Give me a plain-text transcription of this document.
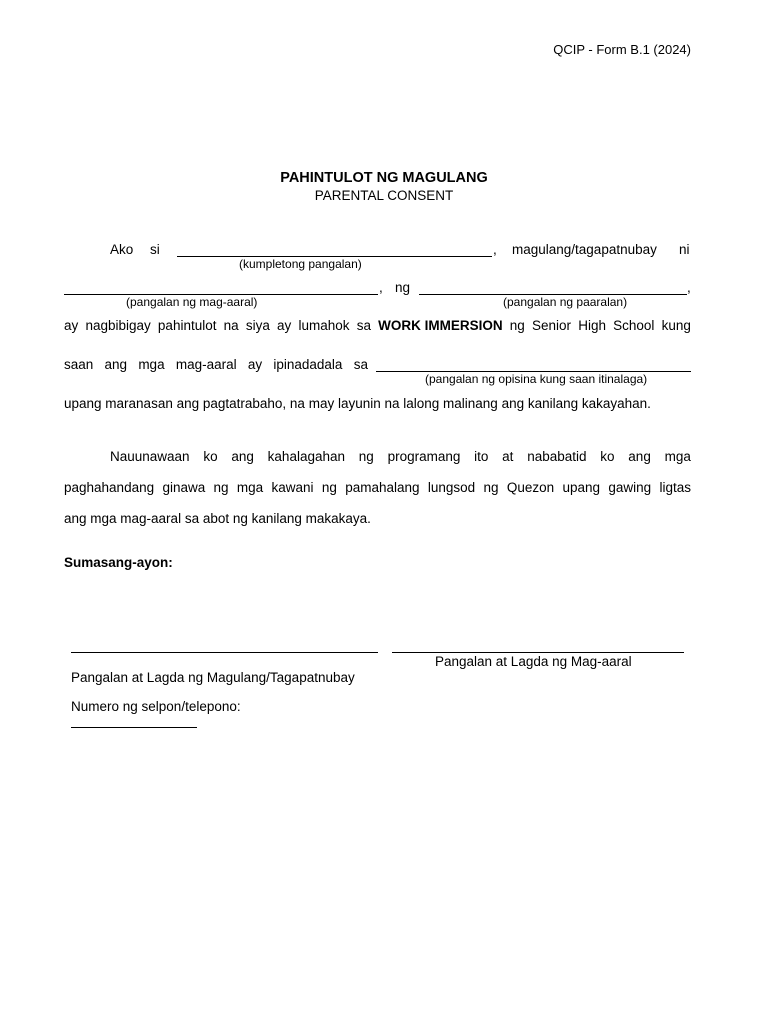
QCIP - Form B.1 (2024)
PAHINTULOT NG MAGULANG
PARENTAL CONSENT
Ako si	, magulang/tagapatnubay ni
(kumpletong pangalan)
, ng	,
(pangalan ng mag-aaral)	(pangalan ng paaralan)
ay nagbibigay pahintulot na siya ay lumahok sa WORK IMMERSION ng Senior High School kung
saan ang mga mag-aaral ay ipinadadala sa
(pangalan ng opisina kung saan itinalaga)
upang maranasan ang pagtatrabaho, na may layunin na lalong malinang ang kanilang kakayahan.
Nauunawaan ko ang kahalagahan ng programang ito at nababatid ko ang mga
paghahandang ginawa ng mga kawani ng pamahalang lungsod ng Quezon upang gawing ligtas
ang mga mag-aaral sa abot ng kanilang makakaya.
Sumasang-ayon:
Pangalan at Lagda ng Mag-aaral
Pangalan at Lagda ng Magulang/Tagapatnubay
Numero ng selpon/telepono:
